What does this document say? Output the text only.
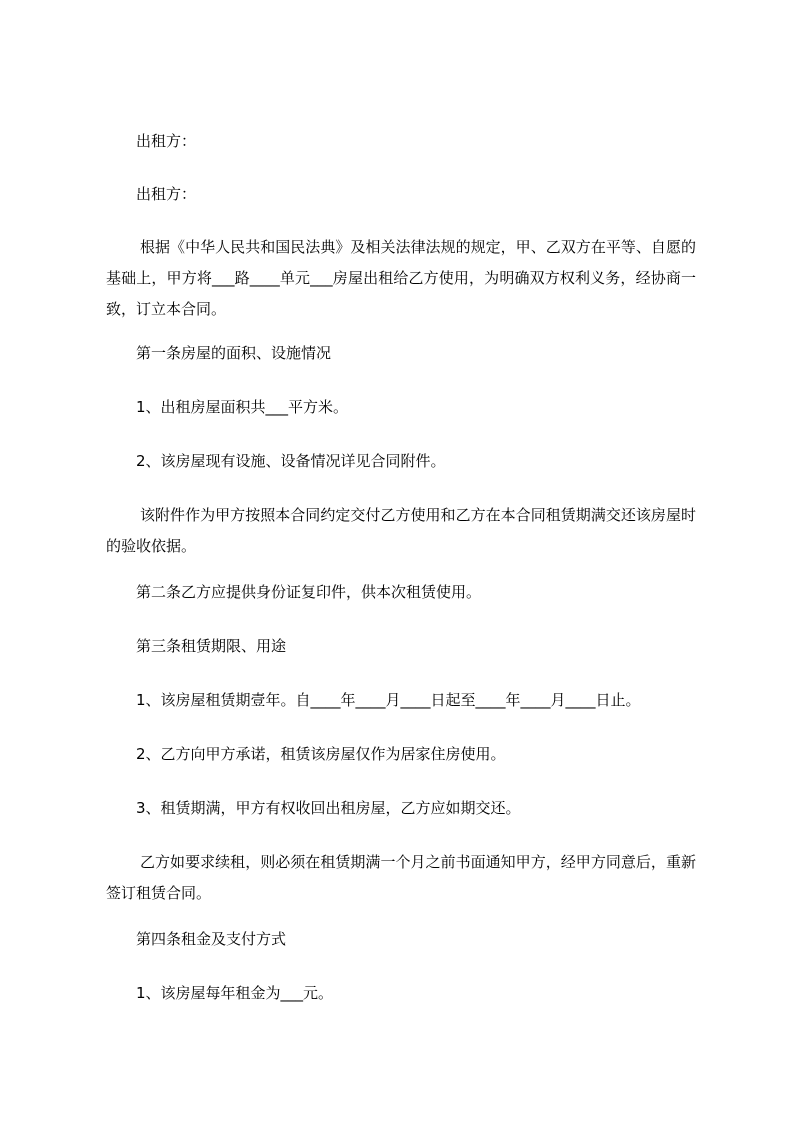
出租方：

出租方：

根据《中华人民共和国民法典》及相关法律法规的规定，甲、乙双方在平等、自愿的基础上，甲方将___路____单元___房屋出租给乙方使用，为明确双方权利义务，经协商一致，订立本合同。

第一条房屋的面积、设施情况

1、出租房屋面积共___平方米。

2、该房屋现有设施、设备情况详见合同附件。

该附件作为甲方按照本合同约定交付乙方使用和乙方在本合同租赁期满交还该房屋时的验收依据。

第二条乙方应提供身份证复印件，供本次租赁使用。

第三条租赁期限、用途

1、该房屋租赁期壹年。自____年____月____日起至____年____月____日止。

2、乙方向甲方承诺，租赁该房屋仅作为居家住房使用。

3、租赁期满，甲方有权收回出租房屋，乙方应如期交还。

乙方如要求续租，则必须在租赁期满一个月之前书面通知甲方，经甲方同意后，重新签订租赁合同。

第四条租金及支付方式

1、该房屋每年租金为___元。
